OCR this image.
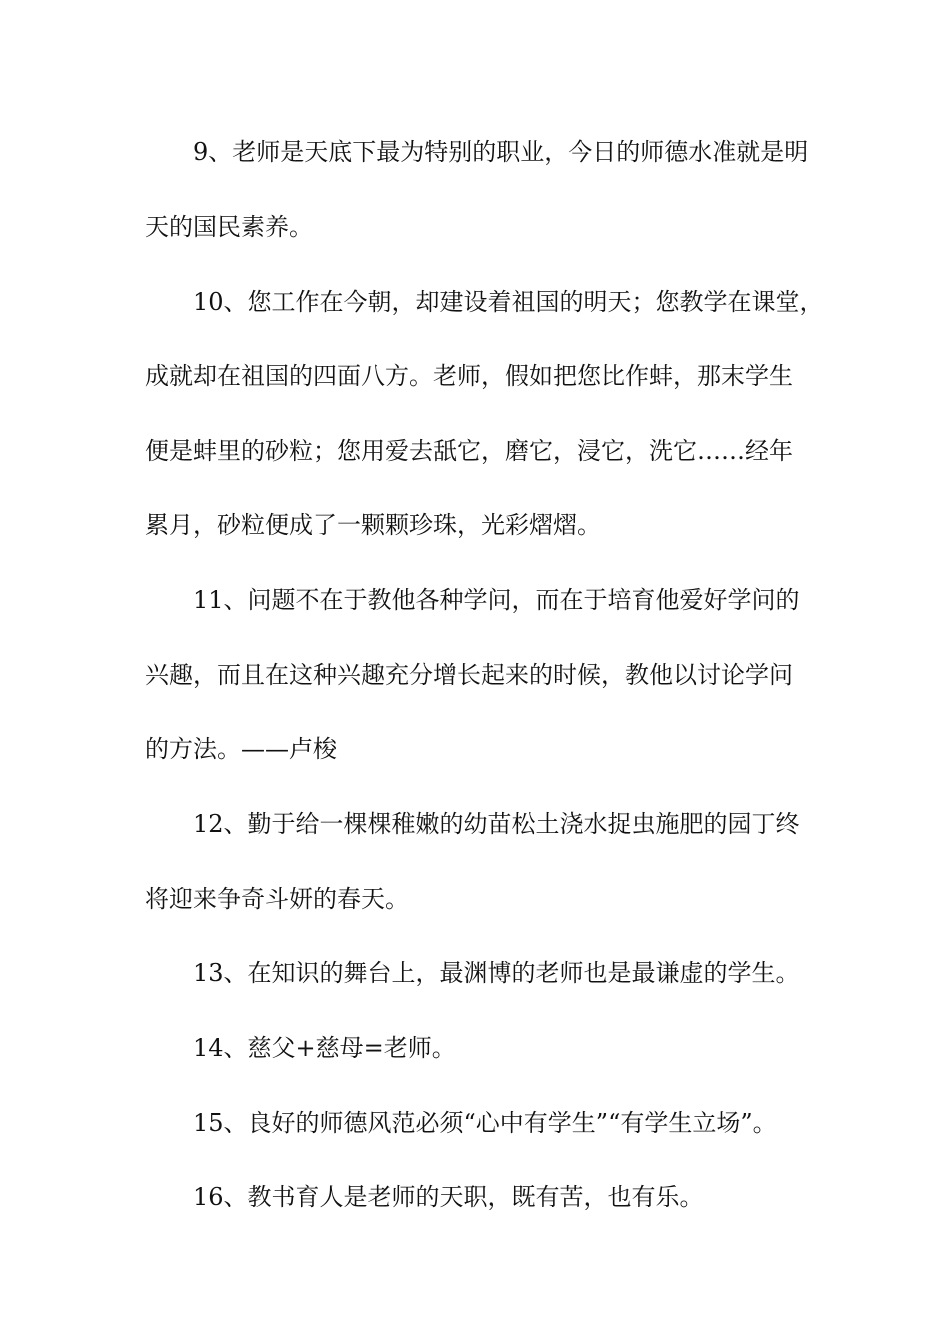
9、老师是天底下最为特别的职业，今日的师德水准就是明
天的国民素养。
10、您工作在今朝，却建设着祖国的明天；您教学在课堂，
成就却在祖国的四面八方。老师，假如把您比作蚌，那末学生
便是蚌里的砂粒；您用爱去舐它，磨它，浸它，洗它……经年
累月，砂粒便成了一颗颗珍珠，光彩熠熠。
11、问题不在于教他各种学问，而在于培育他爱好学问的
兴趣，而且在这种兴趣充分增长起来的时候，教他以讨论学问
的方法。——卢梭
12、勤于给一棵棵稚嫩的幼苗松土浇水捉虫施肥的园丁终
将迎来争奇斗妍的春天。
13、在知识的舞台上，最渊博的老师也是最谦虚的学生。
14、慈父+慈母=老师。
15、良好的师德风范必须“心中有学生”“有学生立场”。
16、教书育人是老师的天职，既有苦，也有乐。
